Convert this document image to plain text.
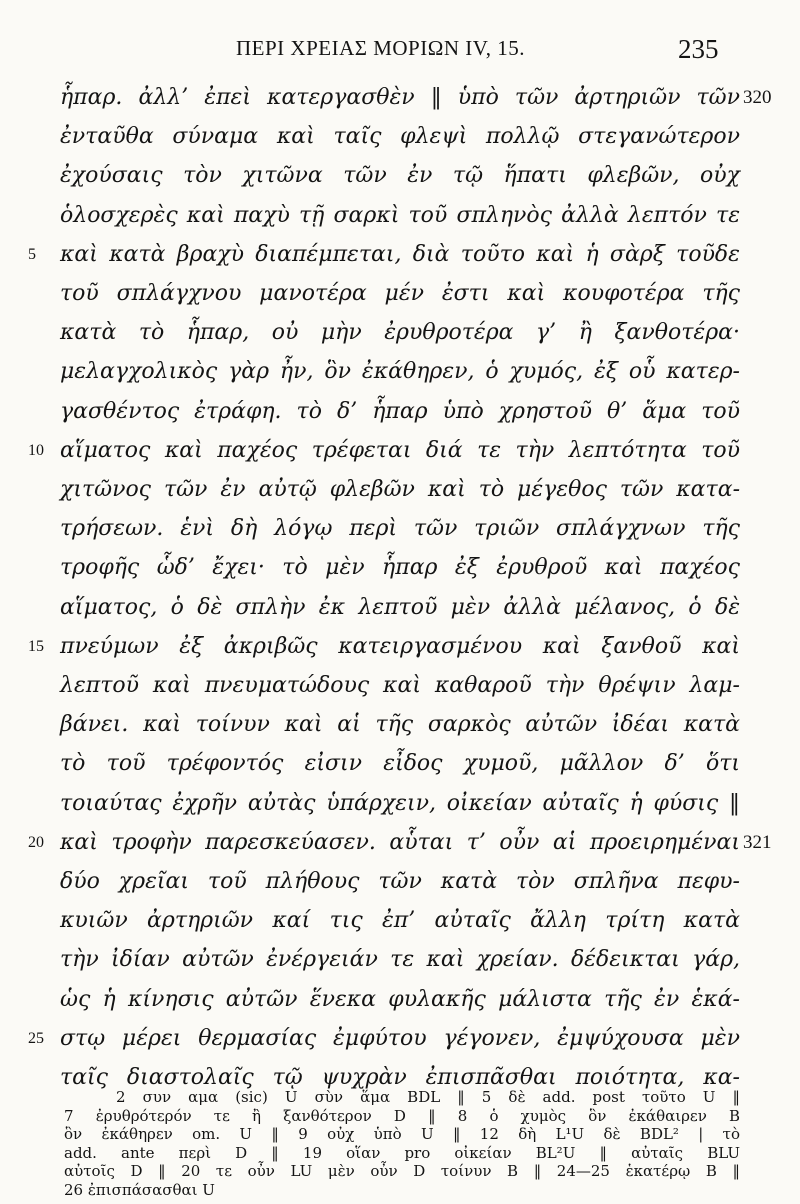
ΠΕΡΙ ΧΡΕΙΑΣ ΜΟΡΙΩΝ IV, 15.	235
ἧπαρ. ἀλλ’ ἐπεὶ κατεργασθὲν ‖ ὑπὸ τῶν ἀρτηριῶν τῶν
ἐνταῦθα σύναμα καὶ ταῖς φλεψὶ πολλῷ στεγανώτερον
ἐχούσαις τὸν χιτῶνα τῶν ἐν τῷ ἥπατι φλεβῶν, οὐχ
ὁλοσχερὲς καὶ παχὺ τῇ σαρκὶ τοῦ σπληνὸς ἀλλὰ λεπτόν τε
καὶ κατὰ βραχὺ διαπέμπεται, διὰ τοῦτο καὶ ἡ σὰρξ τοῦδε
τοῦ σπλάγχνου μανοτέρα μέν ἐστι καὶ κουφοτέρα τῆς
κατὰ τὸ ἧπαρ, οὐ μὴν ἐρυθροτέρα γ’ ἢ ξανθοτέρα·
μελαγχολικὸς γὰρ ἦν, ὃν ἐκάθηρεν, ὁ χυμός, ἐξ οὗ κατερ-
γασθέντος ἐτράφη. τὸ δ’ ἧπαρ ὑπὸ χρηστοῦ θ’ ἅμα τοῦ
αἵματος καὶ παχέος τρέφεται διά τε τὴν λεπτότητα τοῦ
χιτῶνος τῶν ἐν αὐτῷ φλεβῶν καὶ τὸ μέγεθος τῶν κατα-
τρήσεων. ἑνὶ δὴ λόγῳ περὶ τῶν τριῶν σπλάγχνων τῆς
τροφῆς ὧδ’ ἔχει· τὸ μὲν ἧπαρ ἐξ ἐρυθροῦ καὶ παχέος
αἵματος, ὁ δὲ σπλὴν ἐκ λεπτοῦ μὲν ἀλλὰ μέλανος, ὁ δὲ
πνεύμων ἐξ ἀκριβῶς κατειργασμένου καὶ ξανθοῦ καὶ
λεπτοῦ καὶ πνευματώδους καὶ καθαροῦ τὴν θρέψιν λαμ-
βάνει. καὶ τοίνυν καὶ αἱ τῆς σαρκὸς αὐτῶν ἰδέαι κατὰ
τὸ τοῦ τρέφοντός εἰσιν εἶδος χυμοῦ, μᾶλλον δ’ ὅτι
τοιαύτας ἐχρῆν αὐτὰς ὑπάρχειν, οἰκείαν αὐταῖς ἡ φύσις ‖
καὶ τροφὴν παρεσκεύασεν. αὗται τ’ οὖν αἱ προειρημέναι
δύο χρεῖαι τοῦ πλήθους τῶν κατὰ τὸν σπλῆνα πεφυ-
κυιῶν ἀρτηριῶν καί τις ἐπ’ αὐταῖς ἄλλη τρίτη κατὰ
τὴν ἰδίαν αὐτῶν ἐνέργειάν τε καὶ χρείαν. δέδεικται γάρ,
ὡς ἡ κίνησις αὐτῶν ἕνεκα φυλακῆς μάλιστα τῆς ἐν ἑκά-
στῳ μέρει θερμασίας ἐμφύτου γέγονεν, ἐμψύχουσα μὲν
ταῖς διαστολαῖς τῷ ψυχρὰν ἐπισπᾶσθαι ποιότητα, κα-
5
10
15
20
25
320
321
2 συν αμα (sic) U σὺν ἅμα BDL ‖ 5 δὲ add. post τοῦτο U ‖
7 ἐρυθρότερόν τε ἢ ξανθότερον D ‖ 8 ὁ χυμὸς ὃν ἐκάθαιρεν B
ὃν ἐκάθηρεν om. U ‖ 9 οὐχ ὑπὸ U ‖ 12 δὴ L¹U δὲ BDL² | τὸ
add. ante περὶ D ‖ 19 οἵαν pro οἰκείαν BL²U ‖ αὐταῖς BLU
αὐτοῖς D ‖ 20 τε οὖν LU μὲν οὖν D τοίνυν B ‖ 24—25 ἑκατέρῳ B ‖
26 ἐπισπάσασθαι U
